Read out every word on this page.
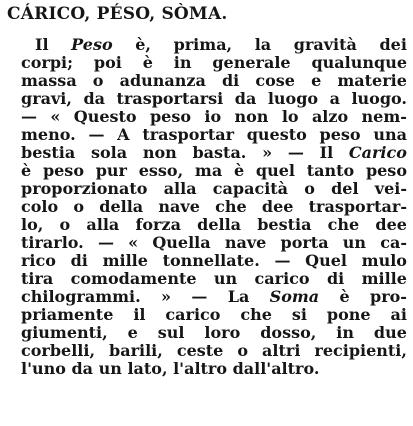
CÁRICO, PÉSO, SÒMA.
Il Peso è, prima, la gravità dei
corpi; poi è in generale qualunque
massa o adunanza di cose e materie
gravi, da trasportarsi da luogo a luogo.
— « Questo peso io non lo alzo nem-
meno. — A trasportar questo peso una
bestia sola non basta. » — Il Carico
è peso pur esso, ma è quel tanto peso
proporzionato alla capacità o del vei-
colo o della nave che dee trasportar-
lo, o alla forza della bestia che dee
tirarlo. — « Quella nave porta un ca-
rico di mille tonnellate. — Quel mulo
tira comodamente un carico di mille
chilogrammi. » — La Soma è pro-
priamente il carico che si pone ai
giumenti, e sul loro dosso, in due
corbelli, barili, ceste o altri recipienti,
l'uno da un lato, l'altro dall'altro.
